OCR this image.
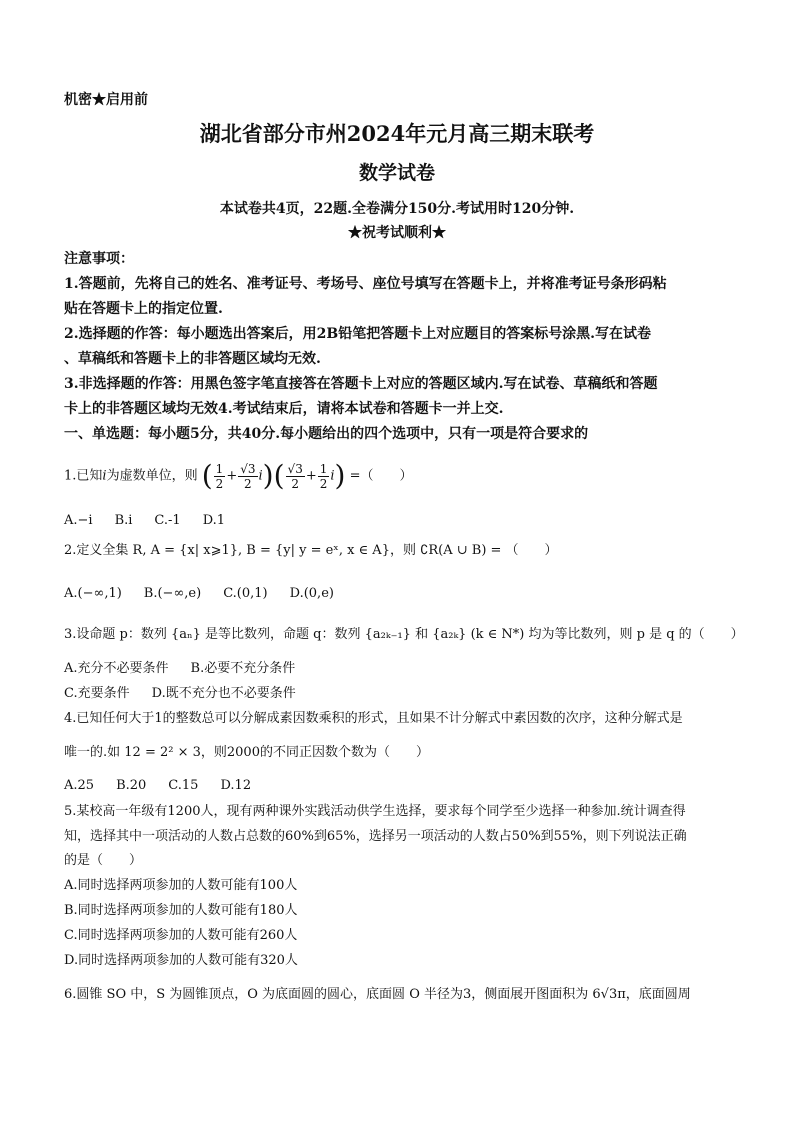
机密★启用前
湖北省部分市州2024年元月高三期末联考
数学试卷
本试卷共4页，22题.全卷满分150分.考试用时120分钟.
★祝考试顺利★
注意事项：
1.答题前，先将自己的姓名、准考证号、考场号、座位号填写在答题卡上，并将准考证号条形码粘
贴在答题卡上的指定位置.
2.选择题的作答：每小题选出答案后，用2B铅笔把答题卡上对应题目的答案标号涂黑.写在试卷
、草稿纸和答题卡上的非答题区域均无效.
3.非选择题的作答：用黑色签字笔直接答在答题卡上对应的答题区域内.写在试卷、草稿纸和答题
卡上的非答题区域均无效4.考试结束后，请将本试卷和答题卡一并上交.
一、单选题：每小题5分，共40分.每小题给出的四个选项中，只有一项是符合要求的
1.已知i为虚数单位，则 ( $\frac{1}{2} + \frac{√3}{2} i)( \frac{√3}{2} + \frac{1}{2} i)$ =（　　）
A.−i B.i C.-1 D.1
2.定义全集 R, A = {x| x⩾1}, B = {y| y = eˣ, x ∈ A}，则 ∁R(A ∪ B) = （　　）
A.(−∞,1) B.(−∞,e) C.(0,1) D.(0,e)
3.设命题 p：数列 {aₙ} 是等比数列，命题 q：数列 {a₂ₖ₋₁} 和 {a₂ₖ} (k ∈ N*) 均为等比数列，则 p 是 q 的（　　）
A.充分不必要条件 B.必要不充分条件
C.充要条件 D.既不充分也不必要条件
4.已知任何大于1的整数总可以分解成素因数乘积的形式，且如果不计分解式中素因数的次序，这种分解式是
唯一的.如 12 = 2² × 3，则2000的不同正因数个数为（　　）
A.25 B.20 C.15 D.12
5.某校高一年级有1200人，现有两种课外实践活动供学生选择，要求每个同学至少选择一种参加.统计调查得
知，选择其中一项活动的人数占总数的60%到65%，选择另一项活动的人数占50%到55%，则下列说法正确
的是（　　）
A.同时选择两项参加的人数可能有100人
B.同时选择两项参加的人数可能有180人
C.同时选择两项参加的人数可能有260人
D.同时选择两项参加的人数可能有320人
6.圆锥 SO 中，S 为圆锥顶点，O 为底面圆的圆心，底面圆 O 半径为3，侧面展开图面积为 6√3π，底面圆周
